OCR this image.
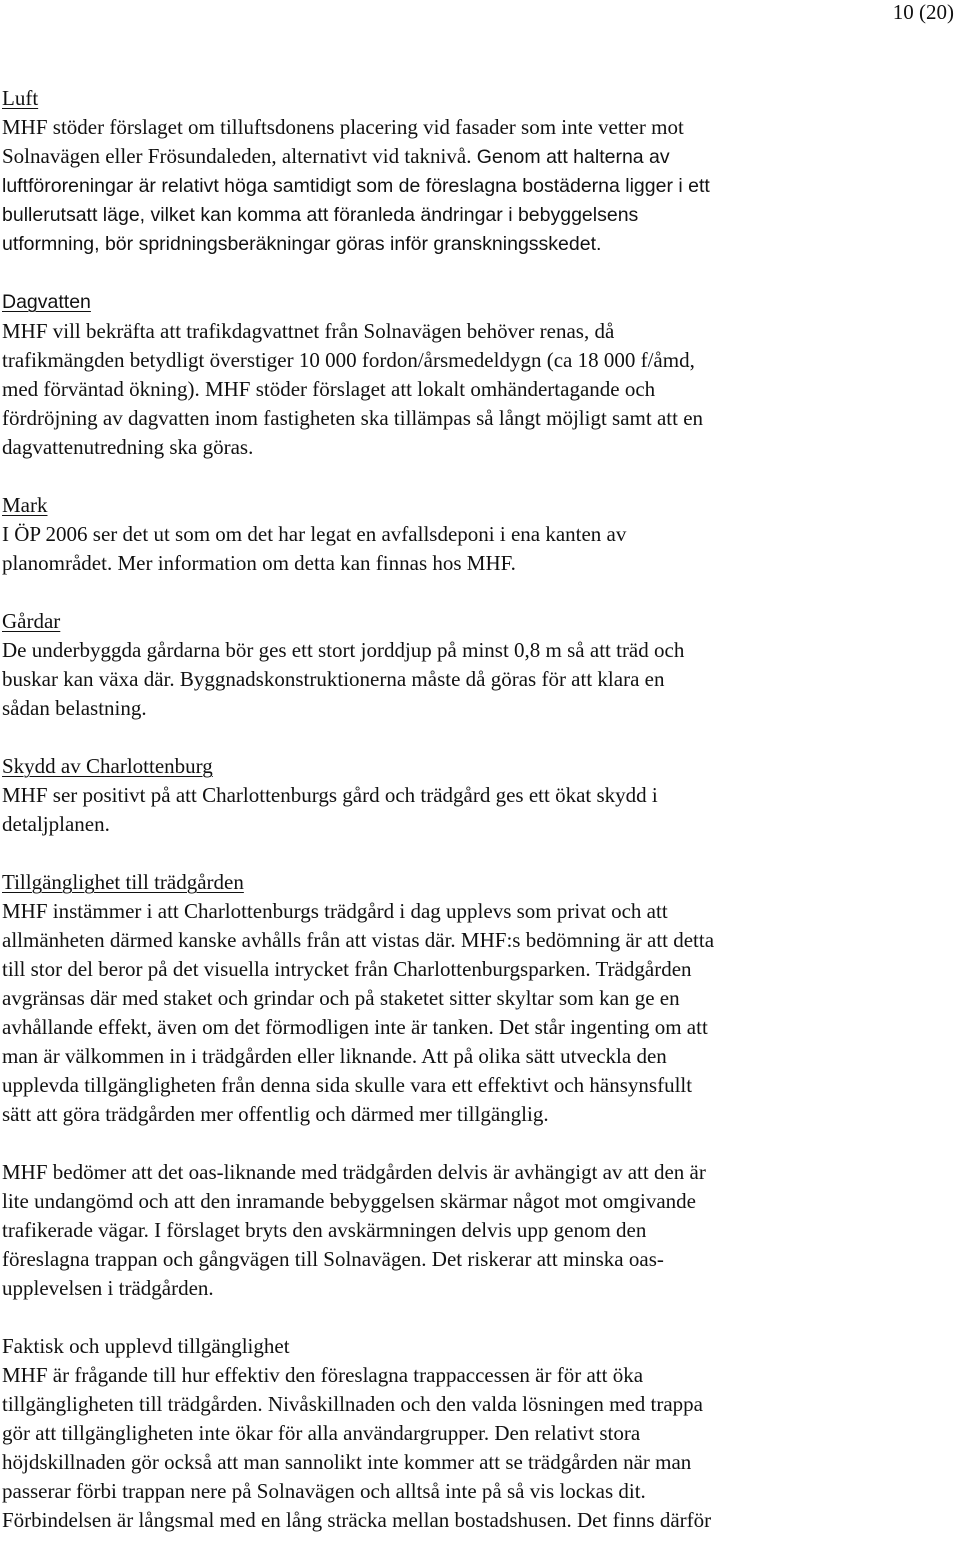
10 (20)
Luft
MHF stöder förslaget om tilluftsdonens placering vid fasader som inte vetter mot
Solnavägen eller Frösundaleden, alternativt vid taknivå. Genom att halterna av
luftföroreningar är relativt höga samtidigt som de föreslagna bostäderna ligger i ett
bullerutsatt läge, vilket kan komma att föranleda ändringar i bebyggelsens
utformning, bör spridningsberäkningar göras inför granskningsskedet.
Dagvatten
MHF vill bekräfta att trafikdagvattnet från Solnavägen behöver renas, då
trafikmängden betydligt överstiger 10 000 fordon/årsmedeldygn (ca 18 000 f/åmd,
med förväntad ökning). MHF stöder förslaget att lokalt omhändertagande och
fördröjning av dagvatten inom fastigheten ska tillämpas så långt möjligt samt att en
dagvattenutredning ska göras.
Mark
I ÖP 2006 ser det ut som om det har legat en avfallsdeponi i ena kanten av
planområdet. Mer information om detta kan finnas hos MHF.
Gårdar
De underbyggda gårdarna bör ges ett stort jorddjup på minst 0,8 m så att träd och
buskar kan växa där. Byggnadskonstruktionerna måste då göras för att klara en
sådan belastning.
Skydd av Charlottenburg
MHF ser positivt på att Charlottenburgs gård och trädgård ges ett ökat skydd i
detaljplanen.
Tillgänglighet till trädgården
MHF instämmer i att Charlottenburgs trädgård i dag upplevs som privat och att
allmänheten därmed kanske avhålls från att vistas där. MHF:s bedömning är att detta
till stor del beror på det visuella intrycket från Charlottenburgsparken. Trädgården
avgränsas där med staket och grindar och på staketet sitter skyltar som kan ge en
avhållande effekt, även om det förmodligen inte är tanken. Det står ingenting om att
man är välkommen in i trädgården eller liknande. Att på olika sätt utveckla den
upplevda tillgängligheten från denna sida skulle vara ett effektivt och hänsynsfullt
sätt att göra trädgården mer offentlig och därmed mer tillgänglig.
MHF bedömer att det oas-liknande med trädgården delvis är avhängigt av att den är
lite undangömd och att den inramande bebyggelsen skärmar något mot omgivande
trafikerade vägar. I förslaget bryts den avskärmningen delvis upp genom den
föreslagna trappan och gångvägen till Solnavägen. Det riskerar att minska oas-
upplevelsen i trädgården.
Faktisk och upplevd tillgänglighet
MHF är frågande till hur effektiv den föreslagna trappaccessen är för att öka
tillgängligheten till trädgården. Nivåskillnaden och den valda lösningen med trappa
gör att tillgängligheten inte ökar för alla användargrupper. Den relativt stora
höjdskillnaden gör också att man sannolikt inte kommer att se trädgården när man
passerar förbi trappan nere på Solnavägen och alltså inte på så vis lockas dit.
Förbindelsen är långsmal med en lång sträcka mellan bostadshusen. Det finns därför
